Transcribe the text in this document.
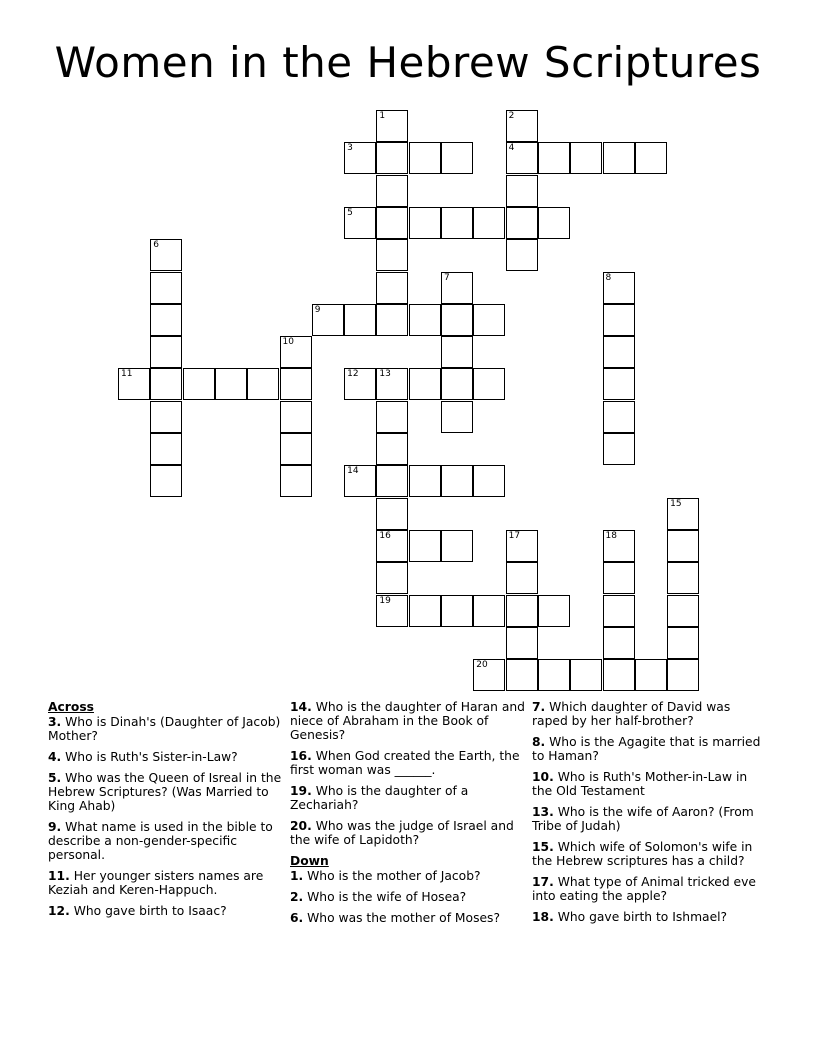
Women in the Hebrew Scriptures
1	2
4
3
5
6
7	8
9
10
11	12 13
16
14
15
17	18
19
20
Across
3. Who is Dinah's (Daughter of Jacob) Mother?
4. Who is Ruth's Sister-in-Law?
5. Who was the Queen of Isreal in the Hebrew Scriptures? (Was Married to King Ahab)
9. What name is used in the bible to describe a non-gender-specific personal.
11. Her younger sisters names are Keziah and Keren-Happuch.
12. Who gave birth to Isaac?
14. Who is the daughter of Haran and niece of Abraham in the Book of Genesis?
16. When God created the Earth, the first woman was ______.
19. Who is the daughter of a Zechariah?
20. Who was the judge of Israel and the wife of Lapidoth?
Down
1. Who is the mother of Jacob?
2. Who is the wife of Hosea?
6. Who was the mother of Moses?
7. Which daughter of David was raped by her half-brother?
8. Who is the Agagite that is married to Haman?
10. Who is Ruth's Mother-in-Law in the Old Testament
13. Who is the wife of Aaron? (From Tribe of Judah)
15. Which wife of Solomon's wife in the Hebrew scriptures has a child?
17. What type of Animal tricked eve into eating the apple?
18. Who gave birth to Ishmael?
